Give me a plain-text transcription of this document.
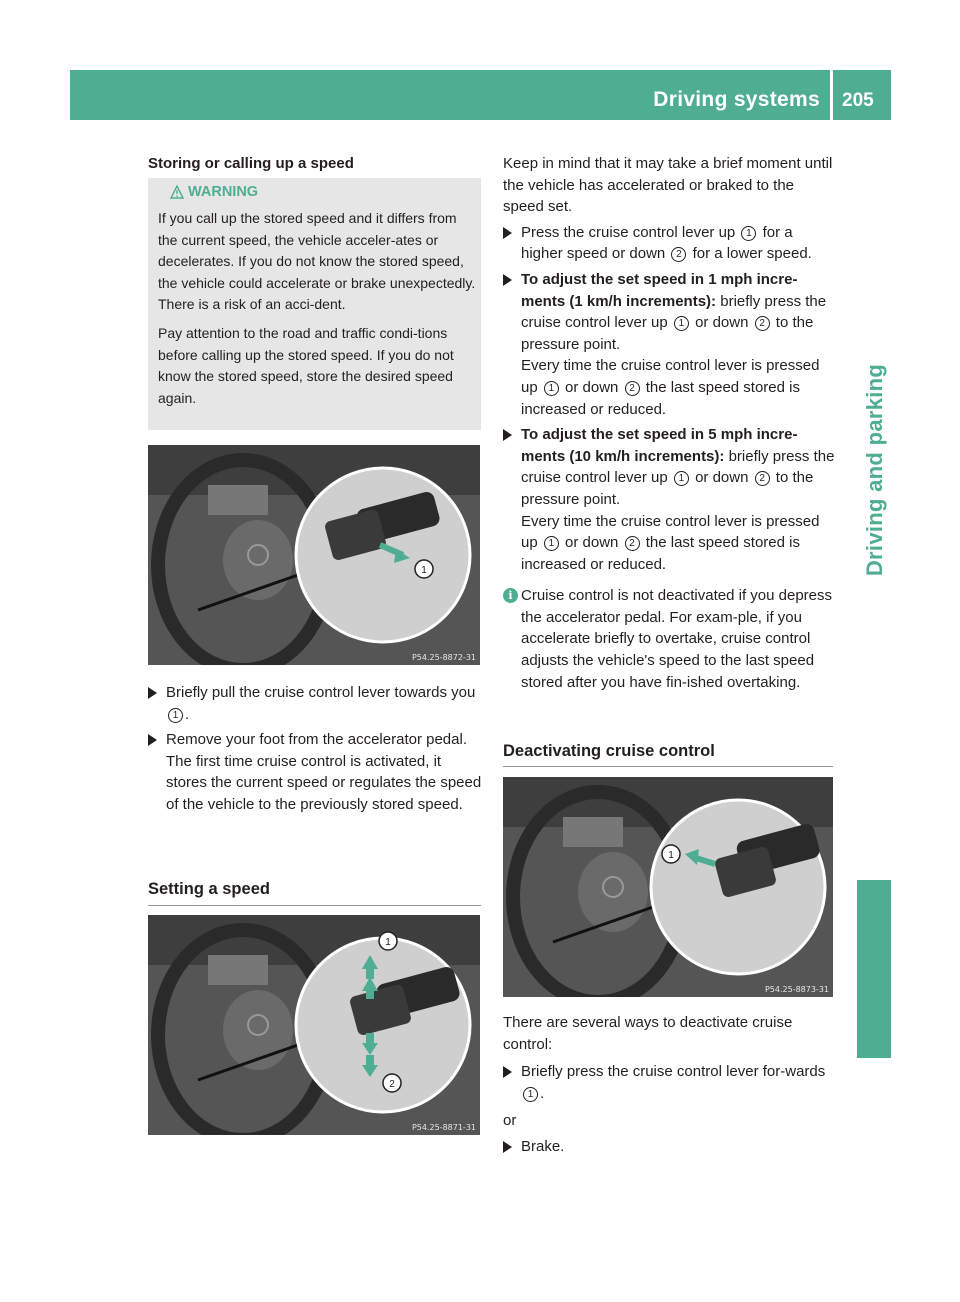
Driving systems 205
Driving and parking
Storing or calling up a speed
WARNING

If you call up the stored speed and it differs from the current speed, the vehicle acceler-ates or decelerates. If you do not know the stored speed, the vehicle could accelerate or brake unexpectedly. There is a risk of an acci-dent.

Pay attention to the road and traffic condi-tions before calling up the stored speed. If you do not know the stored speed, store the desired speed again.

1
P54.25-8872-31
Briefly pull the cruise control lever towards you 1 .

Remove your foot from the accelerator pedal.

The first time cruise control is activated, it stores the current speed or regulates the speed of the vehicle to the previously stored speed.

Setting a speed
1
2
P54.25-8871-31

Keep in mind that it may take a brief moment until the vehicle has accelerated or braked to the speed set.

Press the cruise control lever up 1 for a higher speed or down 2 for a lower speed.
To adjust the set speed in 1 mph incre-ments (1 km/h increments): briefly press the cruise control lever up 1 or down 2 to the pressure point.
Every time the cruise control lever is pressed up 1 or down 2 the last speed stored is increased or reduced.
To adjust the set speed in 5 mph incre-ments (10 km/h increments): briefly press the cruise control lever up 1 or down 2 to the pressure point.
Every time the cruise control lever is pressed up 1 or down 2 the last speed stored is increased or reduced.
i Cruise control is not deactivated if you depress the accelerator pedal. For exam-ple, if you accelerate briefly to overtake, cruise control adjusts the vehicle's speed to the last speed stored after you have fin-ished overtaking.

Deactivating cruise control
1
P54.25-8873-31

There are several ways to deactivate cruise control:

Briefly press the cruise control lever for-wards 1 .

or

Brake.
